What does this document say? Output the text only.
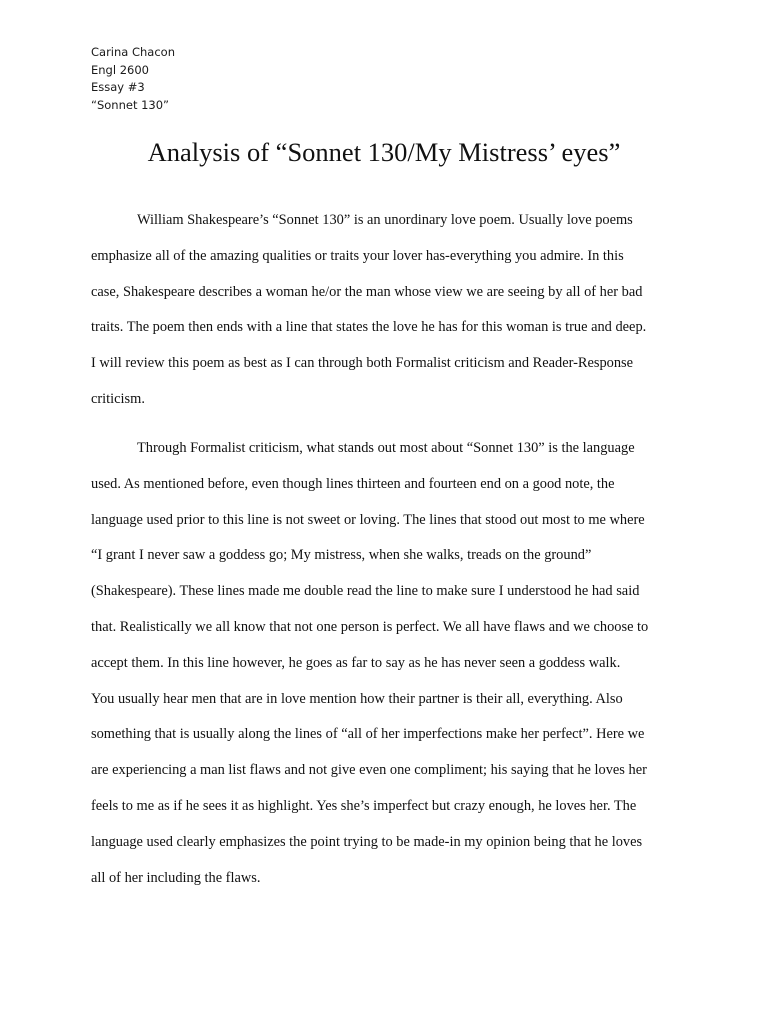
Carina Chacon
Engl 2600
Essay #3
“Sonnet 130”
Analysis of “Sonnet 130/My Mistress’ eyes”
William Shakespeare’s “Sonnet 130” is an unordinary love poem. Usually love poems
emphasize all of the amazing qualities or traits your lover has-everything you admire. In this
case, Shakespeare describes a woman he/or the man whose view we are seeing by all of her bad
traits. The poem then ends with a line that states the love he has for this woman is true and deep.
I will review this poem as best as I can through both Formalist criticism and Reader-Response
criticism.
Through Formalist criticism, what stands out most about “Sonnet 130” is the language
used. As mentioned before, even though lines thirteen and fourteen end on a good note, the
language used prior to this line is not sweet or loving. The lines that stood out most to me where
“I grant I never saw a goddess go; My mistress, when she walks, treads on the ground”
(Shakespeare). These lines made me double read the line to make sure I understood he had said
that. Realistically we all know that not one person is perfect. We all have flaws and we choose to
accept them. In this line however, he goes as far to say as he has never seen a goddess walk.
You usually hear men that are in love mention how their partner is their all, everything. Also
something that is usually along the lines of “all of her imperfections make her perfect”. Here we
are experiencing a man list flaws and not give even one compliment; his saying that he loves her
feels to me as if he sees it as highlight. Yes she’s imperfect but crazy enough, he loves her. The
language used clearly emphasizes the point trying to be made-in my opinion being that he loves
all of her including the flaws.
